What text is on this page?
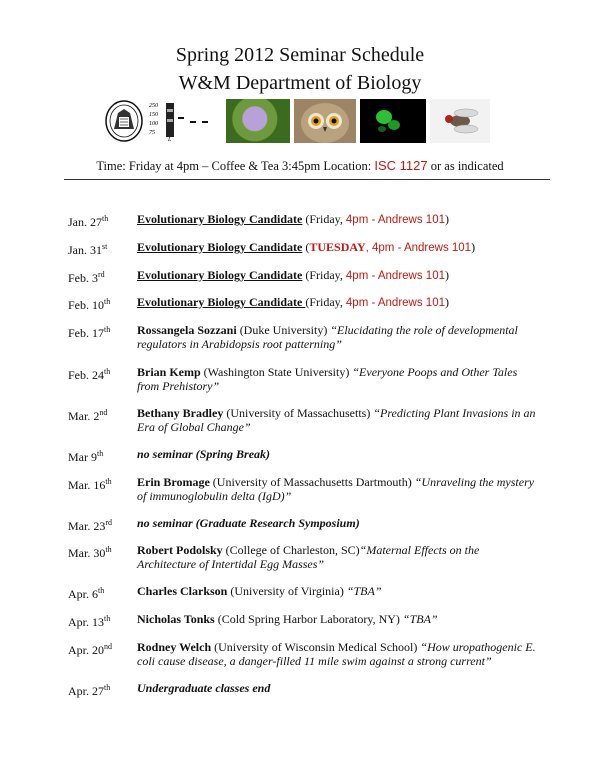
Spring 2012 Seminar Schedule
W&M Department of Biology
250
150
100
75
L
Time: Friday at 4pm – Coffee & Tea 3:45pm Location: ISC 1127 or as indicated
Jan. 27th	Evolutionary Biology Candidate (Friday, 4pm - Andrews 101)
Jan. 31st	Evolutionary Biology Candidate (TUESDAY, 4pm - Andrews 101)
Feb. 3rd	Evolutionary Biology Candidate (Friday, 4pm - Andrews 101)
Feb. 10th	Evolutionary Biology Candidate (Friday, 4pm - Andrews 101)
Feb. 17th	Rossangela Sozzani (Duke University) “Elucidating the role of developmental regulators in Arabidopsis root patterning”
Feb. 24th	Brian Kemp (Washington State University) “Everyone Poops and Other Tales from Prehistory”
Mar. 2nd	Bethany Bradley (University of Massachusetts) “Predicting Plant Invasions in an Era of Global Change”
Mar 9th	no seminar (Spring Break)
Mar. 16th	Erin Bromage (University of Massachusetts Dartmouth) “Unraveling the mystery of immunoglobulin delta (IgD)”
Mar. 23rd	no seminar (Graduate Research Symposium)
Mar. 30th	Robert Podolsky (College of Charleston, SC)“Maternal Effects on the Architecture of Intertidal Egg Masses”
Apr. 6th	Charles Clarkson (University of Virginia) “TBA”
Apr. 13th	Nicholas Tonks (Cold Spring Harbor Laboratory, NY) “TBA”
Apr. 20nd	Rodney Welch (University of Wisconsin Medical School) “How uropathogenic E. coli cause disease, a danger-filled 11 mile swim against a strong current”
Apr. 27th	Undergraduate classes end
